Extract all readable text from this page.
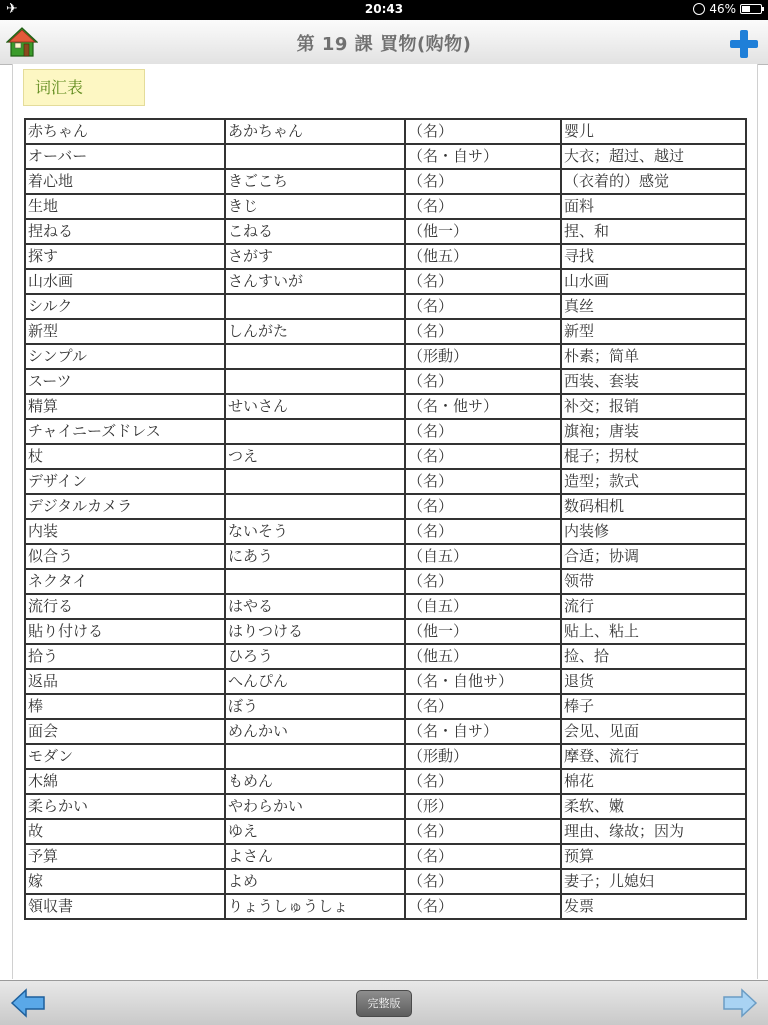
✈	20:43	46%
第 19 課 買物(购物)
词汇表
赤ちゃん	あかちゃん	（名）	婴儿
オーバー		（名・自サ）	大衣；超过、越过
着心地	きごこち	（名）	（衣着的）感觉
生地	きじ	（名）	面料
捏ねる	こねる	（他一）	捏、和
探す	さがす	（他五）	寻找
山水画	さんすいが	（名）	山水画
シルク		（名）	真丝
新型	しんがた	（名）	新型
シンプル		（形動）	朴素；简单
スーツ		（名）	西装、套装
精算	せいさん	（名・他サ）	补交；报销
チャイニーズドレス		（名）	旗袍；唐装
杖	つえ	（名）	棍子；拐杖
デザイン		（名）	造型；款式
デジタルカメラ		（名）	数码相机
内装	ないそう	（名）	内装修
似合う	にあう	（自五）	合适；协调
ネクタイ		（名）	领带
流行る	はやる	（自五）	流行
貼り付ける	はりつける	（他一）	贴上、粘上
拾う	ひろう	（他五）	捡、拾
返品	へんぴん	（名・自他サ）	退货
棒	ぼう	（名）	棒子
面会	めんかい	（名・自サ）	会见、见面
モダン		（形動）	摩登、流行
木綿	もめん	（名）	棉花
柔らかい	やわらかい	（形）	柔软、嫩
故	ゆえ	（名）	理由、缘故；因为
予算	よさん	（名）	预算
嫁	よめ	（名）	妻子；儿媳妇
領収書	りょうしゅうしょ	（名）	发票
完整版
